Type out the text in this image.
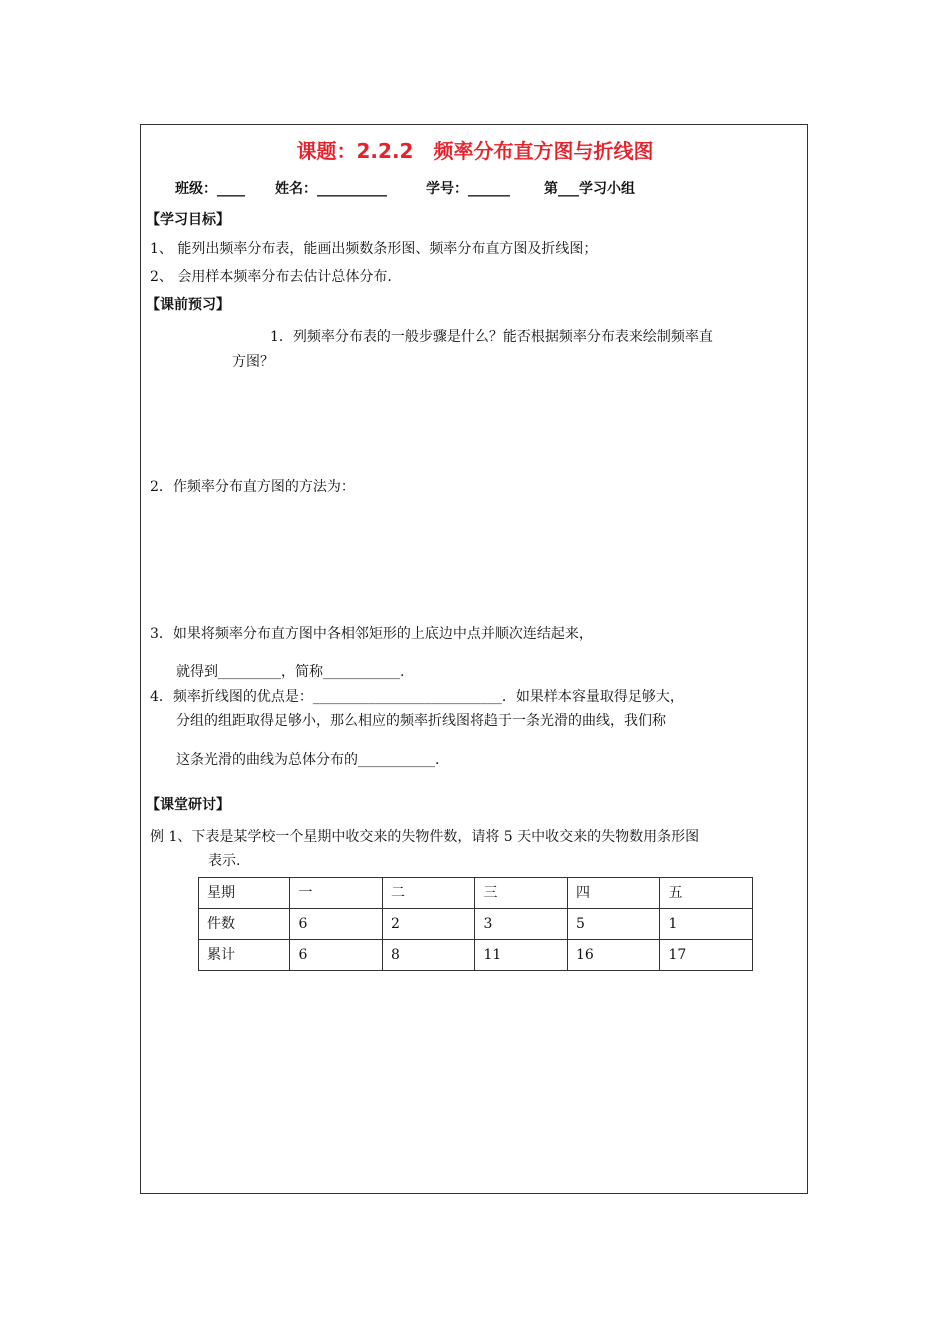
课题：2.2.2　频率分布直方图与折线图
班级：____ 姓名：__________	学号：______ 第___学习小组
【学习目标】
1、 能列出频率分布表，能画出频数条形图、频率分布直方图及折线图；
2、 会用样本频率分布去估计总体分布.
【课前预习】
1．列频率分布表的一般步骤是什么？能否根据频率分布表来绘制频率直
方图？
2．作频率分布直方图的方法为：
3．如果将频率分布直方图中各相邻矩形的上底边中点并顺次连结起来，
就得到_________，简称___________.
4．频率折线图的优点是：___________________________．如果样本容量取得足够大，
分组的组距取得足够小，那么相应的频率折线图将趋于一条光滑的曲线，我们称
这条光滑的曲线为总体分布的___________.
【课堂研讨】
例 1、下表是某学校一个星期中收交来的失物件数，请将 5 天中收交来的失物数用条形图
表示.
星期	一	二	三	四	五
件数	6	2	3	5	1
累计	6	8	11	16	17
